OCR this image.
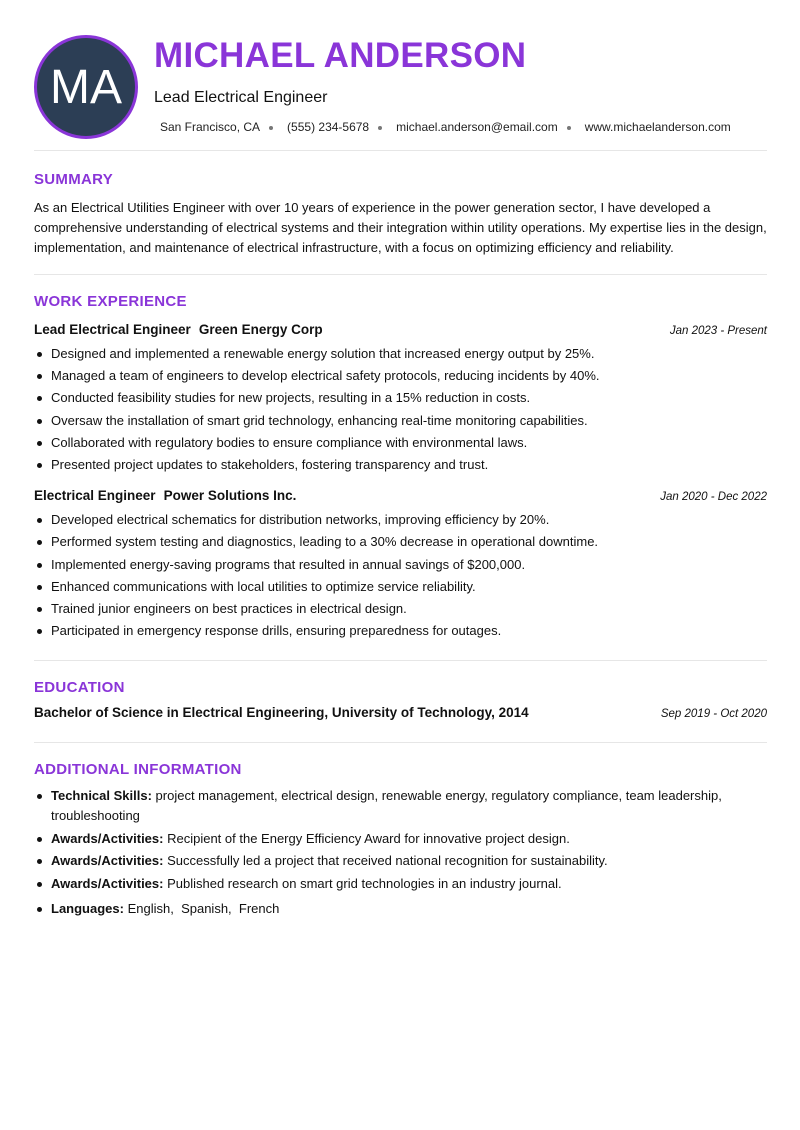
MA
MICHAEL ANDERSON
Lead Electrical Engineer
San Francisco, CA (555) 234-5678 michael.anderson@email.com www.michaelanderson.com
SUMMARY

As an Electrical Utilities Engineer with over 10 years of experience in the power generation sector, I have developed a comprehensive understanding of electrical systems and their integration within utility operations. My expertise lies in the design, implementation, and maintenance of electrical infrastructure, with a focus on optimizing efficiency and reliability.

WORK EXPERIENCE
Lead Electrical Engineer Green Energy Corp	Jan 2023 - Present
Designed and implemented a renewable energy solution that increased energy output by 25%.
Managed a team of engineers to develop electrical safety protocols, reducing incidents by 40%.
Conducted feasibility studies for new projects, resulting in a 15% reduction in costs.
Oversaw the installation of smart grid technology, enhancing real-time monitoring capabilities.
Collaborated with regulatory bodies to ensure compliance with environmental laws.
Presented project updates to stakeholders, fostering transparency and trust.
Electrical Engineer Power Solutions Inc.	Jan 2020 - Dec 2022
Developed electrical schematics for distribution networks, improving efficiency by 20%.
Performed system testing and diagnostics, leading to a 30% decrease in operational downtime.
Implemented energy-saving programs that resulted in annual savings of $200,000.
Enhanced communications with local utilities to optimize service reliability.
Trained junior engineers on best practices in electrical design.
Participated in emergency response drills, ensuring preparedness for outages.
EDUCATION
Bachelor of Science in Electrical Engineering, University of Technology, 2014	Sep 2019 - Oct 2020
ADDITIONAL INFORMATION
Technical Skills: project management, electrical design, renewable energy, regulatory compliance, team leadership, troubleshooting
Awards/Activities: Recipient of the Energy Efficiency Award for innovative project design.
Awards/Activities: Successfully led a project that received national recognition for sustainability.
Awards/Activities: Published research on smart grid technologies in an industry journal.
Languages: English,  Spanish,  French
